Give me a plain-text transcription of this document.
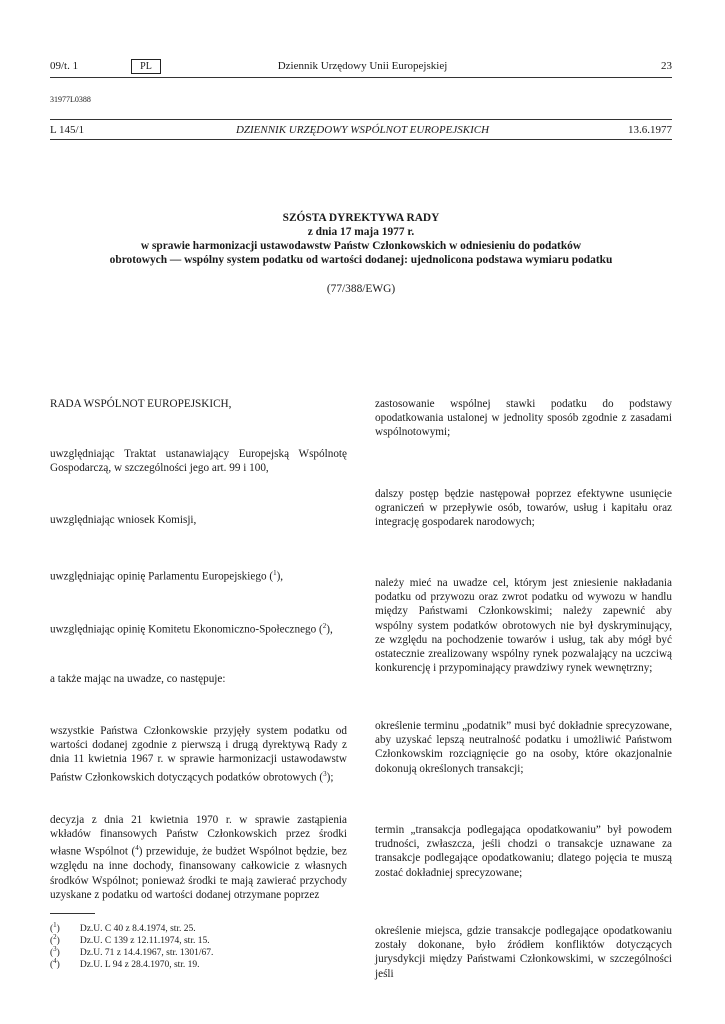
09/t. 1	PL	Dziennik Urzędowy Unii Europejskiej	23
31977L0388
L 145/1	DZIENNIK URZĘDOWY WSPÓLNOT EUROPEJSKICH	13.6.1977
SZÓSTA DYREKTYWA RADY
z dnia 17 maja 1977 r.
w sprawie harmonizacji ustawodawstw Państw Członkowskich w odniesieniu do podatków
obrotowych — wspólny system podatku od wartości dodanej: ujednolicona podstawa wymiaru podatku
(77/388/EWG)
RADA WSPÓLNOT EUROPEJSKICH,
uwzględniając Traktat ustanawiający Europejską Wspólnotę Gospodarczą, w szczególności jego art. 99 i 100,
uwzględniając wniosek Komisji,
uwzględniając opinię Parlamentu Europejskiego ($^1$),
uwzględniając opinię Komitetu Ekonomiczno-Społecznego ($^2$),
a także mając na uwadze, co następuje:
wszystkie Państwa Członkowskie przyjęły system podatku od wartości dodanej zgodnie z pierwszą i drugą dyrektywą Rady z dnia 11 kwietnia 1967 r. w sprawie harmonizacji ustawodawstw Państw Członkowskich dotyczących podatków obrotowych ($^3$);
decyzja z dnia 21 kwietnia 1970 r. w sprawie zastąpienia wkładów finansowych Państw Członkowskich przez środki własne Wspólnot ($^4$) przewiduje, że budżet Wspólnot będzie, bez względu na inne dochody, finansowany całkowicie z własnych środków Wspólnot; ponieważ środki te mają zawierać przychody uzyskane z podatku od wartości dodanej otrzymane poprzez
zastosowanie wspólnej stawki podatku do podstawy opodatkowania ustalonej w jednolity sposób zgodnie z zasadami wspólnotowymi;
dalszy postęp będzie następował poprzez efektywne usunięcie ograniczeń w przepływie osób, towarów, usług i kapitału oraz integrację gospodarek narodowych;
należy mieć na uwadze cel, którym jest zniesienie nakładania podatku od przywozu oraz zwrot podatku od wywozu w handlu między Państwami Członkowskimi; należy zapewnić aby wspólny system podatków obrotowych nie był dyskryminujący, ze względu na pochodzenie towarów i usług, tak aby mógł być ostatecznie zrealizowany wspólny rynek pozwalający na uczciwą konkurencję i przypominający prawdziwy rynek wewnętrzny;
określenie terminu „podatnik” musi być dokładnie sprecyzowane, aby uzyskać lepszą neutralność podatku i umożliwić Państwom Członkowskim rozciągnięcie go na osoby, które okazjonalnie dokonują określonych transakcji;
termin „transakcja podlegająca opodatkowaniu” był powodem trudności, zwłaszcza, jeśli chodzi o transakcje uznawane za transakcje podlegające opodatkowaniu; dlatego pojęcia te muszą zostać dokładniej sprecyzowane;
określenie miejsca, gdzie transakcje podlegające opodatkowaniu zostały dokonane, było źródłem konfliktów dotyczących jurysdykcji między Państwami Członkowskimi, w szczególności jeśli
($^1$) Dz.U. C 40 z 8.4.1974, str. 25.
($^2$) Dz.U. C 139 z 12.11.1974, str. 15.
($^3$) Dz.U. 71 z 14.4.1967, str. 1301/67.
($^4$) Dz.U. L 94 z 28.4.1970, str. 19.
